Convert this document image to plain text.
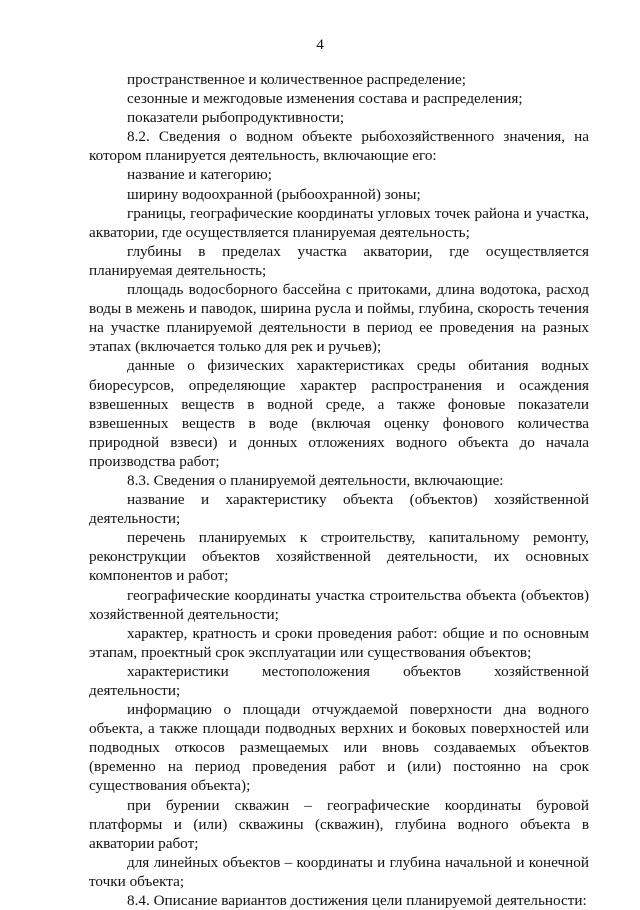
4

пространственное и количественное распределение;

сезонные и межгодовые изменения состава и распределения;

показатели рыбопродуктивности;

8.2. Сведения о водном объекте рыбохозяйственного значения, на котором планируется деятельность, включающие его:

название и категорию;

ширину водоохранной (рыбоохранной) зоны;

границы, географические координаты угловых точек района и участка, акватории, где осуществляется планируемая деятельность;

глубины в пределах участка акватории, где осуществляется планируемая деятельность;

площадь водосборного бассейна с притоками, длина водотока, расход воды в межень и паводок, ширина русла и поймы, глубина, скорость течения на участке планируемой деятельности в период ее проведения на разных этапах (включается только для рек и ручьев);

данные о физических характеристиках среды обитания водных биоресурсов, определяющие характер распространения и осаждения взвешенных веществ в водной среде, а также фоновые показатели взвешенных веществ в воде (включая оценку фонового количества природной взвеси) и донных отложениях водного объекта до начала производства работ;

8.3. Сведения о планируемой деятельности, включающие:

название и характеристику объекта (объектов) хозяйственной деятельности;

перечень планируемых к строительству, капитальному ремонту, реконструкции объектов хозяйственной деятельности, их основных компонентов и работ;

географические координаты участка строительства объекта (объектов) хозяйственной деятельности;

характер, кратность и сроки проведения работ: общие и по основным этапам, проектный срок эксплуатации или существования объектов;

характеристики местоположения объектов хозяйственной деятельности;

информацию о площади отчуждаемой поверхности дна водного объекта, а также площади подводных верхних и боковых поверхностей или подводных откосов размещаемых или вновь создаваемых объектов (временно на период проведения работ и (или) постоянно на срок существования объекта);

при бурении скважин – географические координаты буровой платформы и (или) скважины (скважин), глубина водного объекта в акватории работ;

для линейных объектов – координаты и глубина начальной и конечной точки объекта;

8.4. Описание вариантов достижения цели планируемой деятельности:
